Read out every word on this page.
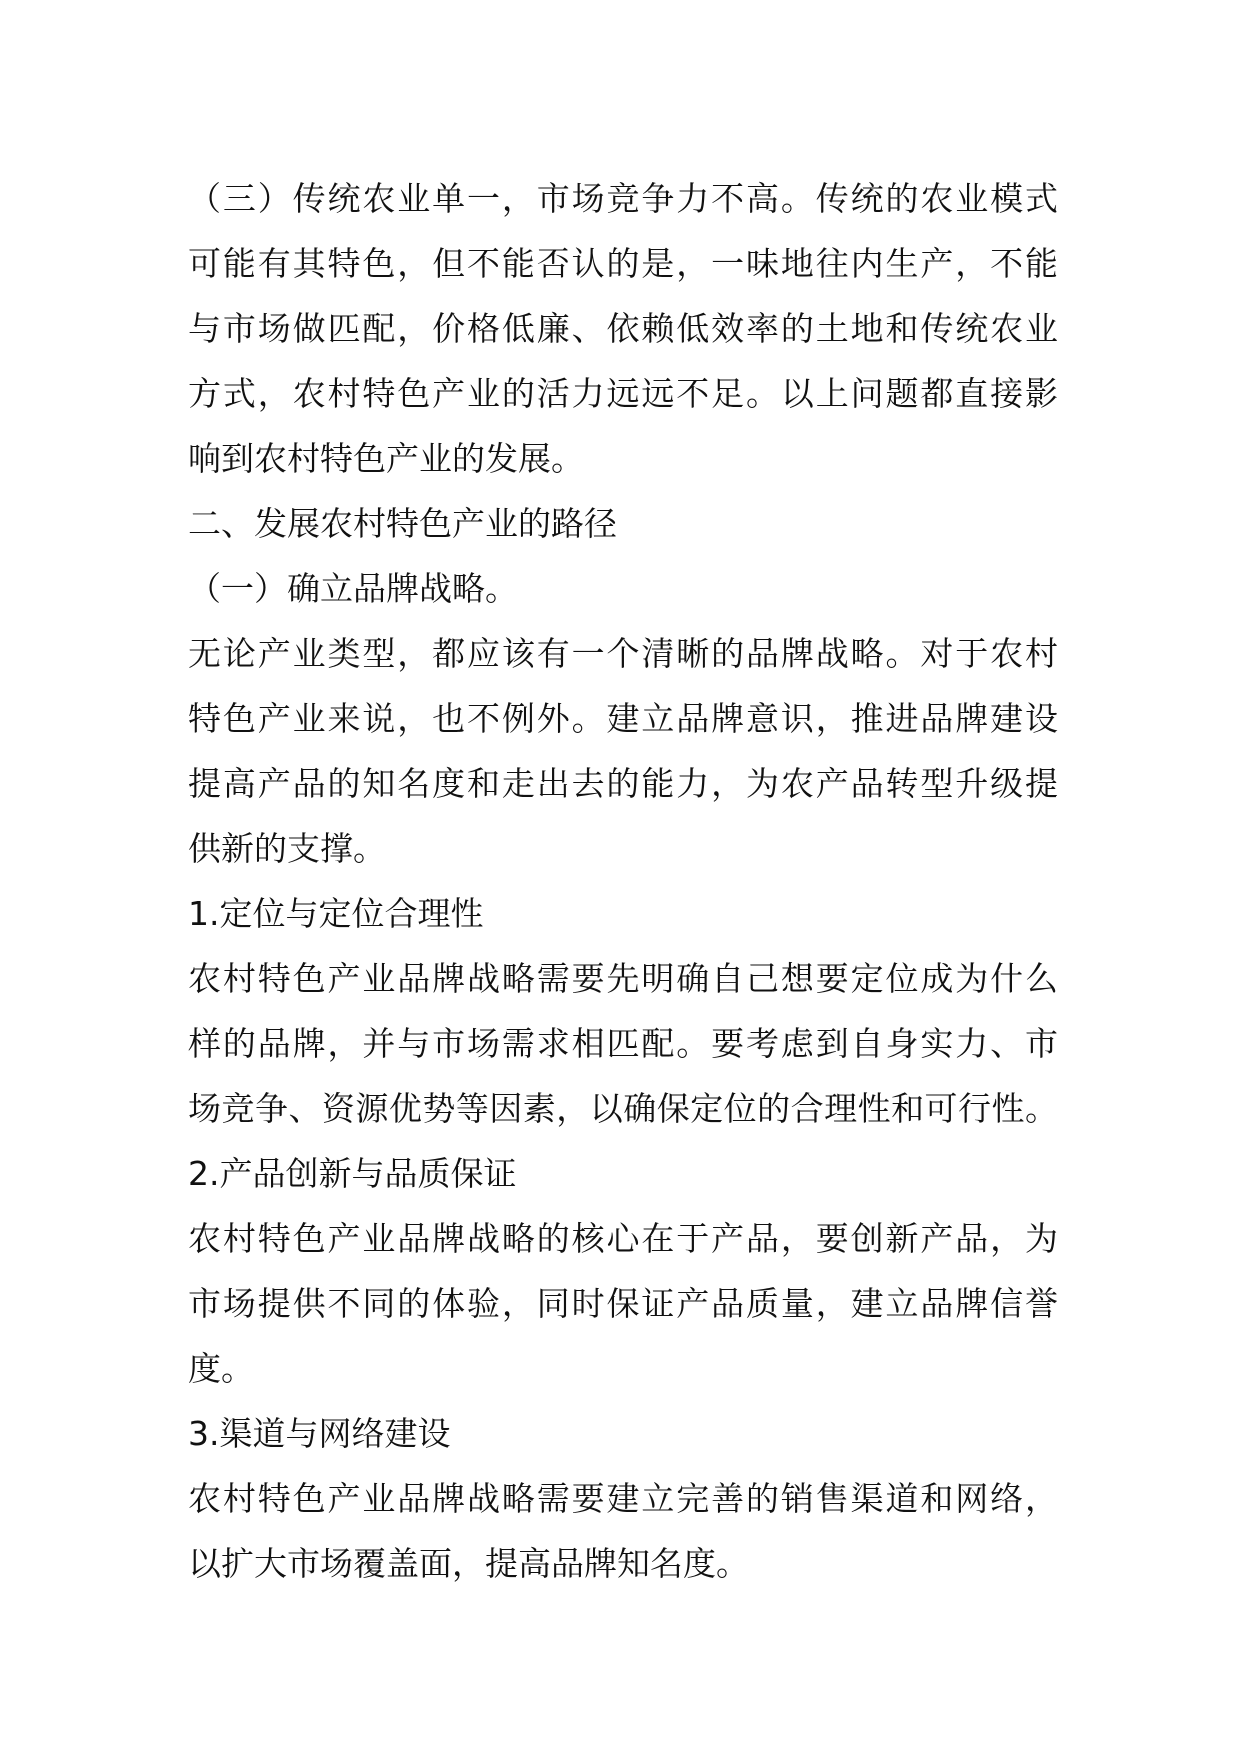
（三）传统农业单一，市场竞争力不高。传统的农业模式
可能有其特色，但不能否认的是，一味地往内生产，不能
与市场做匹配，价格低廉、依赖低效率的土地和传统农业
方式，农村特色产业的活力远远不足。以上问题都直接影
响到农村特色产业的发展。
二、发展农村特色产业的路径
（一）确立品牌战略。
无论产业类型，都应该有一个清晰的品牌战略。对于农村
特色产业来说，也不例外。建立品牌意识，推进品牌建设
提高产品的知名度和走出去的能力，为农产品转型升级提
供新的支撑。
1.定位与定位合理性
农村特色产业品牌战略需要先明确自己想要定位成为什么
样的品牌，并与市场需求相匹配。要考虑到自身实力、市
场竞争、资源优势等因素，以确保定位的合理性和可行性。
2.产品创新与品质保证
农村特色产业品牌战略的核心在于产品，要创新产品，为
市场提供不同的体验，同时保证产品质量，建立品牌信誉
度。
3.渠道与网络建设
农村特色产业品牌战略需要建立完善的销售渠道和网络，
以扩大市场覆盖面，提高品牌知名度。
